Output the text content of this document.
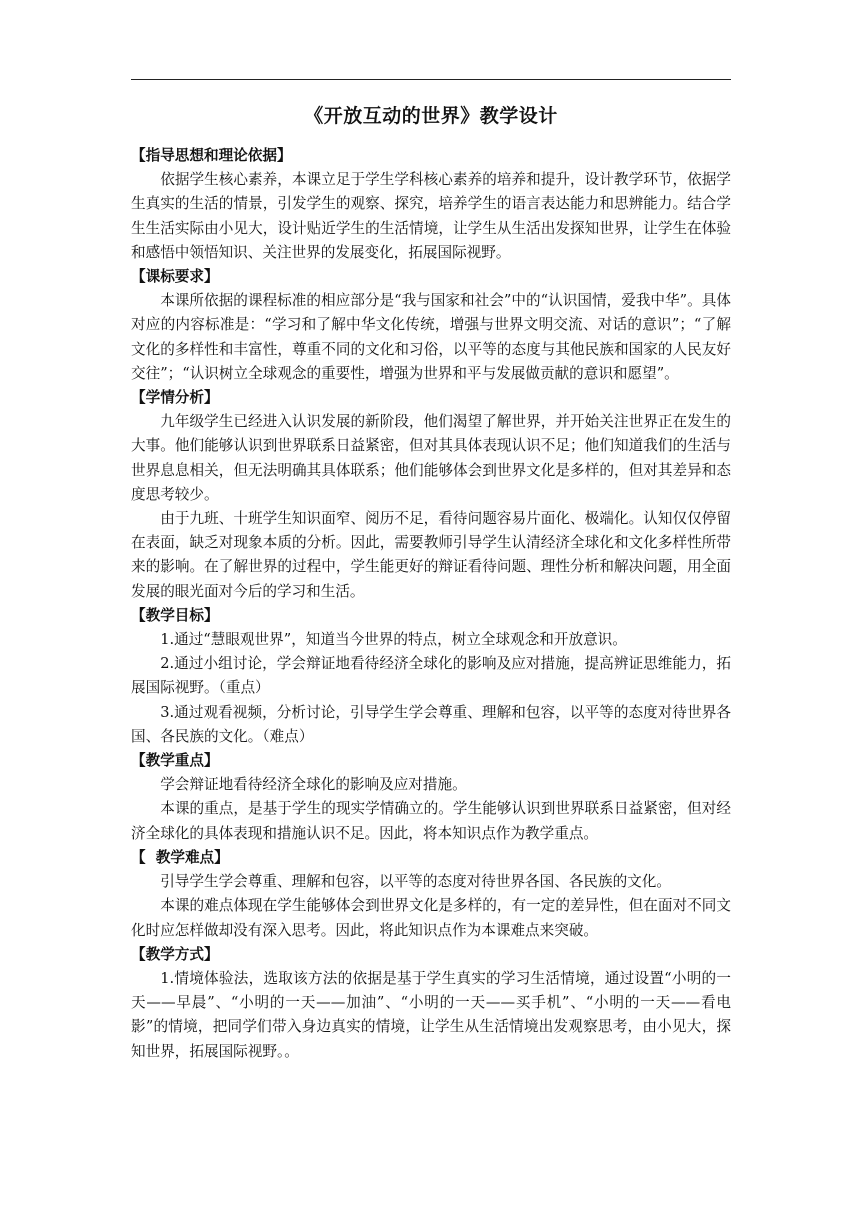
《开放互动的世界》教学设计

【指导思想和理论依据】

依据学生核心素养，本课立足于学生学科核心素养的培养和提升，设计教学环节，依据学生真实的生活的情景，引发学生的观察、探究，培养学生的语言表达能力和思辨能力。结合学生生活实际由小见大，设计贴近学生的生活情境，让学生从生活出发探知世界，让学生在体验和感悟中领悟知识、关注世界的发展变化，拓展国际视野。

【课标要求】

本课所依据的课程标准的相应部分是“我与国家和社会”中的“认识国情，爱我中华”。具体对应的内容标准是：“学习和了解中华文化传统，增强与世界文明交流、对话的意识”；“了解文化的多样性和丰富性，尊重不同的文化和习俗，以平等的态度与其他民族和国家的人民友好交往”；“认识树立全球观念的重要性，增强为世界和平与发展做贡献的意识和愿望”。

【学情分析】

九年级学生已经进入认识发展的新阶段，他们渴望了解世界，并开始关注世界正在发生的大事。他们能够认识到世界联系日益紧密，但对其具体表现认识不足；他们知道我们的生活与世界息息相关，但无法明确其具体联系；他们能够体会到世界文化是多样的，但对其差异和态度思考较少。

由于九班、十班学生知识面窄、阅历不足，看待问题容易片面化、极端化。认知仅仅停留在表面，缺乏对现象本质的分析。因此，需要教师引导学生认清经济全球化和文化多样性所带来的影响。在了解世界的过程中，学生能更好的辩证看待问题、理性分析和解决问题，用全面发展的眼光面对今后的学习和生活。

【教学目标】

1.通过“慧眼观世界”，知道当今世界的特点，树立全球观念和开放意识。

2.通过小组讨论，学会辩证地看待经济全球化的影响及应对措施，提高辨证思维能力，拓展国际视野。（重点）

3.通过观看视频，分析讨论，引导学生学会尊重、理解和包容，以平等的态度对待世界各国、各民族的文化。（难点）

【教学重点】

学会辩证地看待经济全球化的影响及应对措施。

本课的重点，是基于学生的现实学情确立的。学生能够认识到世界联系日益紧密，但对经济全球化的具体表现和措施认识不足。因此，将本知识点作为教学重点。

【  教学难点】

引导学生学会尊重、理解和包容，以平等的态度对待世界各国、各民族的文化。

本课的难点体现在学生能够体会到世界文化是多样的，有一定的差异性，但在面对不同文化时应怎样做却没有深入思考。因此，将此知识点作为本课难点来突破。

【教学方式】

1.情境体验法，选取该方法的依据是基于学生真实的学习生活情境，通过设置“小明的一天——早晨”、“小明的一天——加油”、“小明的一天——买手机”、“小明的一天——看电影”的情境，把同学们带入身边真实的情境，让学生从生活情境出发观察思考，由小见大，探知世界，拓展国际视野。。
